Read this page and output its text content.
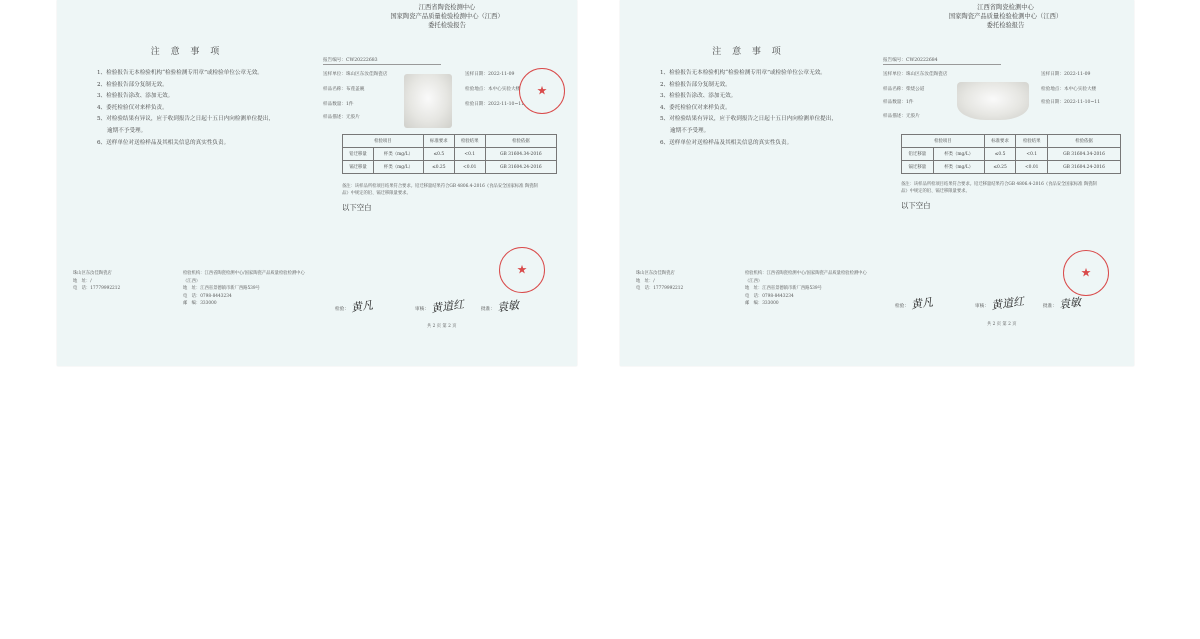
注 意 事 项
1、检验报告无本检验机构“检验检测专用章”或检验单位公章无效。
2、检验报告部分复制无效。
3、检验报告涂改、添加无效。
4、委托检验仅对来样负责。
5、对检验结果有异议，应于收到报告之日起十五日内向检测单位提出，
逾期不予受理。
6、送样单位对送检样品及其相关信息的真实性负责。
珠山区东汝佳陶瓷店
地　址：/
电　话：17779992212
检验机构：江西省陶瓷检测中心/国家陶瓷产品质量检验检测中心（江西）
地　址：江西省景德镇市新厂西路539号
电　话：0798-8443234
邮　编：333000
江西省陶瓷检测中心
国家陶瓷产品质量检验检测中心（江西）
委托检验报告
报告编号：CW20222683
送样单位：珠山区东汝佳陶瓷店
样品名称：布莲盖碗
样品数量：1件
样品描述：无胶片
送样日期：2022-11-09
检验地点：本中心实验大楼
检验日期：2022-11-10~11
检验项目		标准要求	检验结果	检验依据
铅迁移量	杯类（mg/L）	≤0.5	<0.1	GB 31604.34-2016
镉迁移量	杯类（mg/L）	≤0.25	<0.01	GB 31604.24-2016
备注：该样品所检项目结果符合要求。铅迁移量结果符合GB 4806.4-2016《食品安全国家标准 陶瓷制
品》中规定的铅、镉迁移限量要求。
以下空白
★
★
检验：黄凡	审核：黄道红	批准：袁敏
共 2 页 第 2 页
注 意 事 项
1、检验报告无本检验机构“检验检测专用章”或检验单位公章无效。
2、检验报告部分复制无效。
3、检验报告涂改、添加无效。
4、委托检验仅对来样负责。
5、对检验结果有异议，应于收到报告之日起十五日内向检测单位提出，
逾期不予受理。
6、送样单位对送检样品及其相关信息的真实性负责。
珠山区东汝佳陶瓷店
地　址：/
电　话：17779992212
检验机构：江西省陶瓷检测中心/国家陶瓷产品质量检验检测中心（江西）
地　址：江西省景德镇市新厂西路539号
电　话：0798-8443234
邮　编：333000
江西省陶瓷检测中心
国家陶瓷产品质量检验检测中心（江西）
委托检验报告
报告编号：CW20222684
送样单位：珠山区东汝佳陶瓷店
样品名称：柴烧公道
样品数量：1件
样品描述：无胶片
送样日期：2022-11-09
检验地点：本中心实验大楼
检验日期：2022-11-10~11
检验项目		标准要求	检验结果	检验依据
铅迁移量	杯类（mg/L）	≤0.5	<0.1	GB 31604.34-2016
镉迁移量	杯类（mg/L）	≤0.25	<0.01	GB 31604.24-2016
备注：该样品所检项目结果符合要求。铅迁移量结果符合GB 4806.4-2016《食品安全国家标准 陶瓷制
品》中规定的铅、镉迁移限量要求。
以下空白
★
检验：黄凡	审核：黄道红	批准：袁敏
共 2 页 第 2 页
